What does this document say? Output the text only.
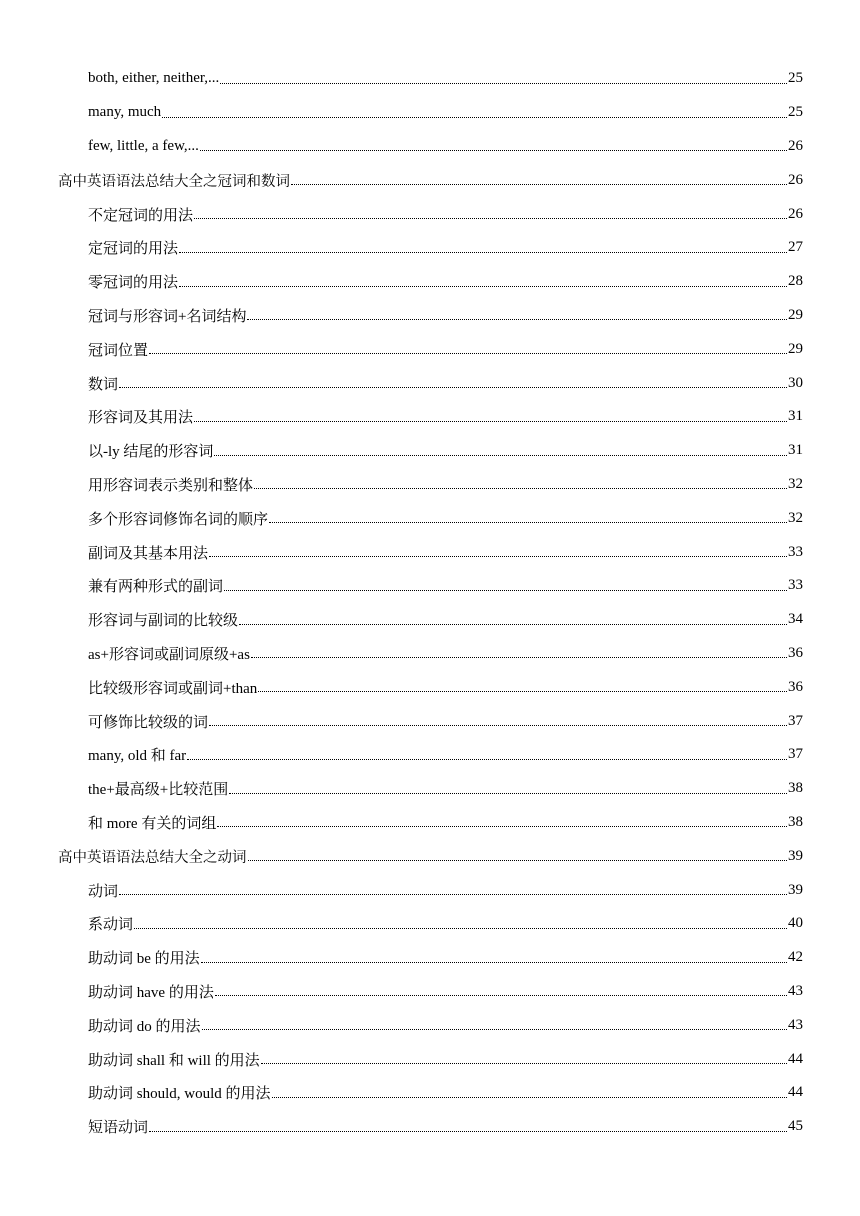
both, either, neither,...	25
many, much	25
few, little, a few,...	26
高中英语语法总结大全之冠词和数词	26
不定冠词的用法	26
定冠词的用法	27
零冠词的用法	28
冠词与形容词+名词结构	29
冠词位置	29
数词	30
形容词及其用法	31
以-ly 结尾的形容词	31
用形容词表示类别和整体	32
多个形容词修饰名词的顺序	32
副词及其基本用法	33
兼有两种形式的副词	33
形容词与副词的比较级	34
as+形容词或副词原级+as	36
比较级形容词或副词+than	36
可修饰比较级的词	37
many, old 和 far	37
the+最高级+比较范围	38
和 more 有关的词组	38
高中英语语法总结大全之动词	39
动词	39
系动词	40
助动词 be 的用法	42
助动词 have 的用法	43
助动词 do 的用法	43
助动词 shall 和 will 的用法	44
助动词 should, would 的用法	44
短语动词	45
